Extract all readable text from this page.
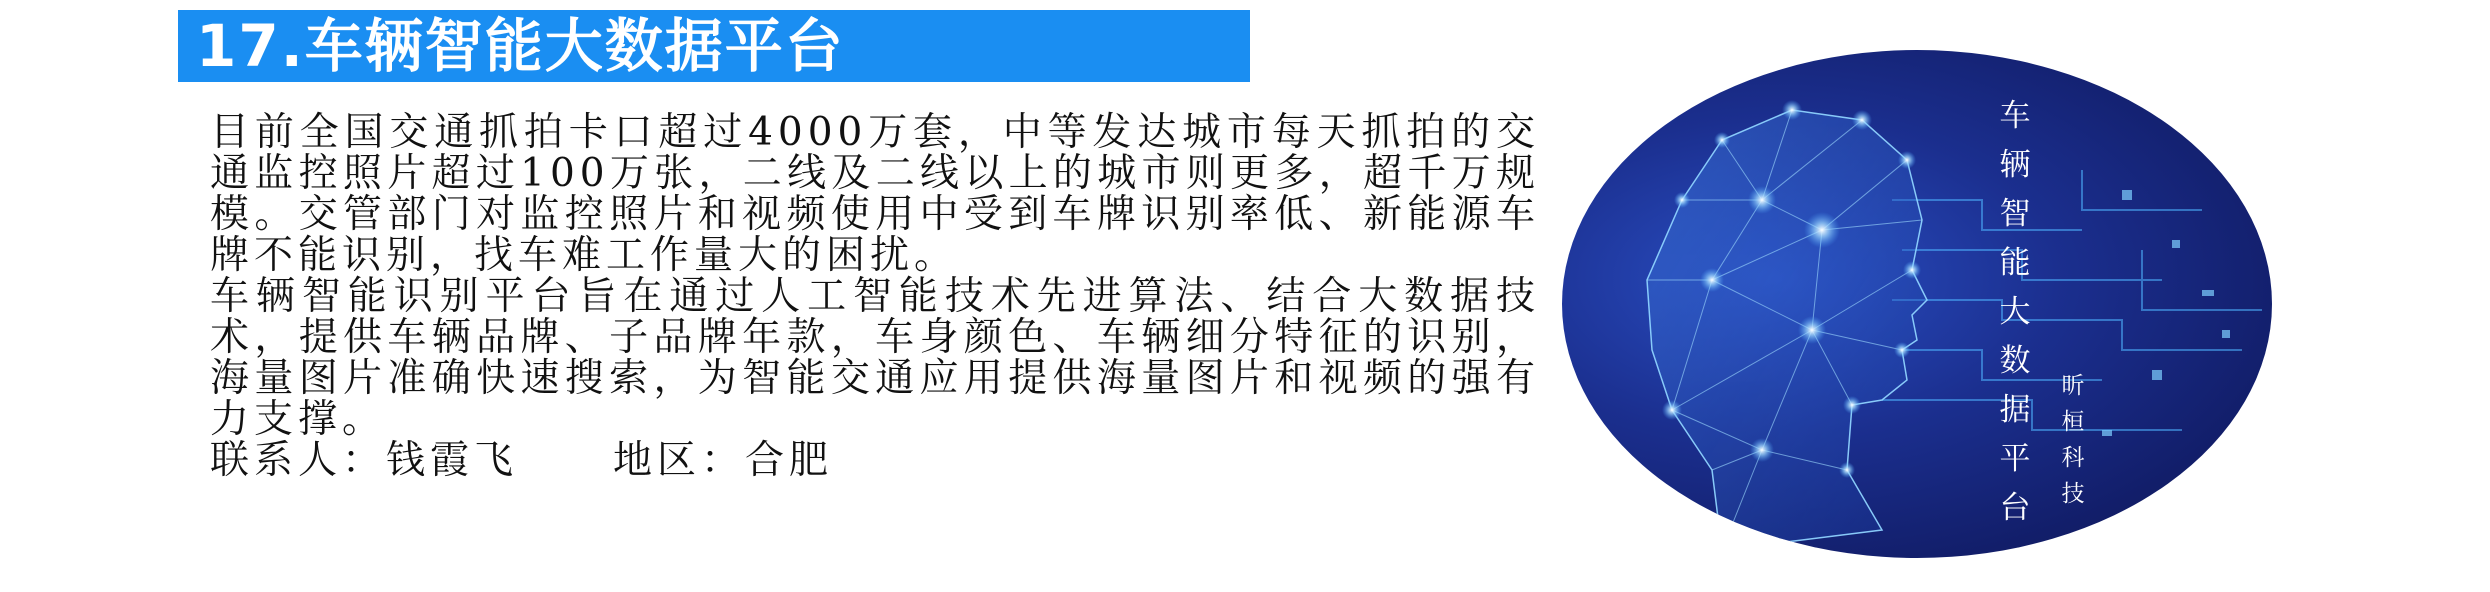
17.车辆智能大数据平台

目前全国交通抓拍卡口超过4000万套，中等发达城市每天抓拍的交通监控照片超过100万张，二线及二线以上的城市则更多，超千万规模。交管部门对监控照片和视频使用中受到车牌识别率低、新能源车牌不能识别，找车难工作量大的困扰。

车辆智能识别平台旨在通过人工智能技术先进算法、结合大数据技术，提供车辆品牌、子品牌年款，车身颜色、车辆细分特征的识别，海量图片准确快速搜索，为智能交通应用提供海量图片和视频的强有力支撑。

联系人：钱霞飞 地区：合肥

车
辆
智
能
大
数
据
平
台
昕
桓
科
技
